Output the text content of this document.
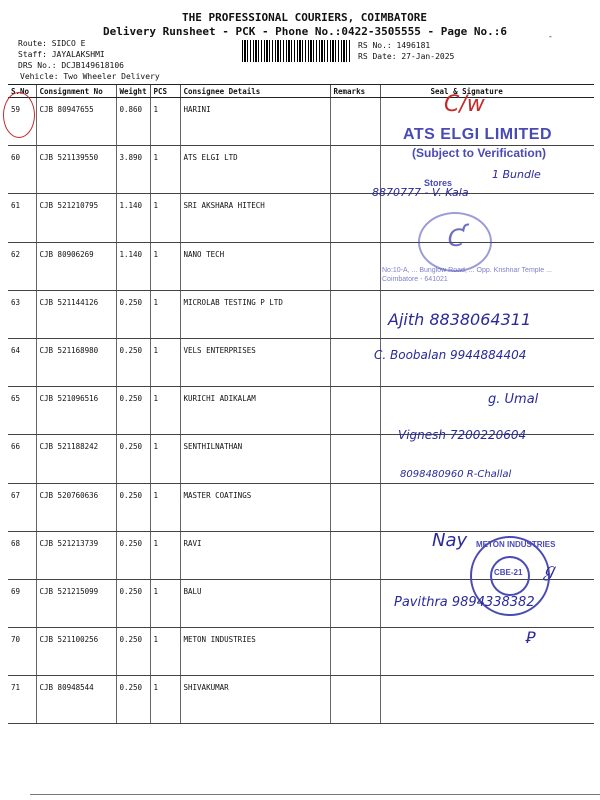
THE PROFESSIONAL COURIERS, COIMBATORE
Delivery Runsheet - PCK - Phone No.:0422-3505555 - Page No.:6	-
Route: SIDCO E
Staff: JAYALAKSHMI
DRS No.: DCJB149618106
Vehicle: Two Wheeler Delivery
RS No.: 1496181
RS Date: 27-Jan-2025
S.No	Consignment No	Weight	PCS	Consignee Details	Remarks	Seal & Signature
59	CJB 80947655	0.860	1	HARINI		
60	CJB 521139550	3.890	1	ATS ELGI LTD		
61	CJB 521210795	1.140	1	SRI AKSHARA HITECH		
62	CJB 80906269	1.140	1	NANO TECH		
63	CJB 521144126	0.250	1	MICROLAB TESTING P LTD		
64	CJB 521168980	0.250	1	VELS ENTERPRISES		
65	CJB 521096516	0.250	1	KURICHI ADIKALAM		
66	CJB 521188242	0.250	1	SENTHILNATHAN		
67	CJB 520760636	0.250	1	MASTER COATINGS		
68	CJB 521213739	0.250	1	RAVI		
69	CJB 521215099	0.250	1	BALU		
70	CJB 521100256	0.250	1	METON INDUSTRIES		
71	CJB 80948544	0.250	1	SHIVAKUMAR		
C/w
ATS ELGI LIMITED
(Subject to Verification)
Stores
8870777 - V. Kala
1 Bundle
Ƈ
No:10-A, ... Bunglow Road, ... Opp. Krishnar Temple ... Coimbatore - 641021
Ajith 8838064311
C. Boobalan 9944884404
g. Umal
Vignesh 7200220604
8098480960 R-Challal
Nay METON INDUSTRIES
CBE-21 ℊ
Pavithra 9894338382
Ꝑ
